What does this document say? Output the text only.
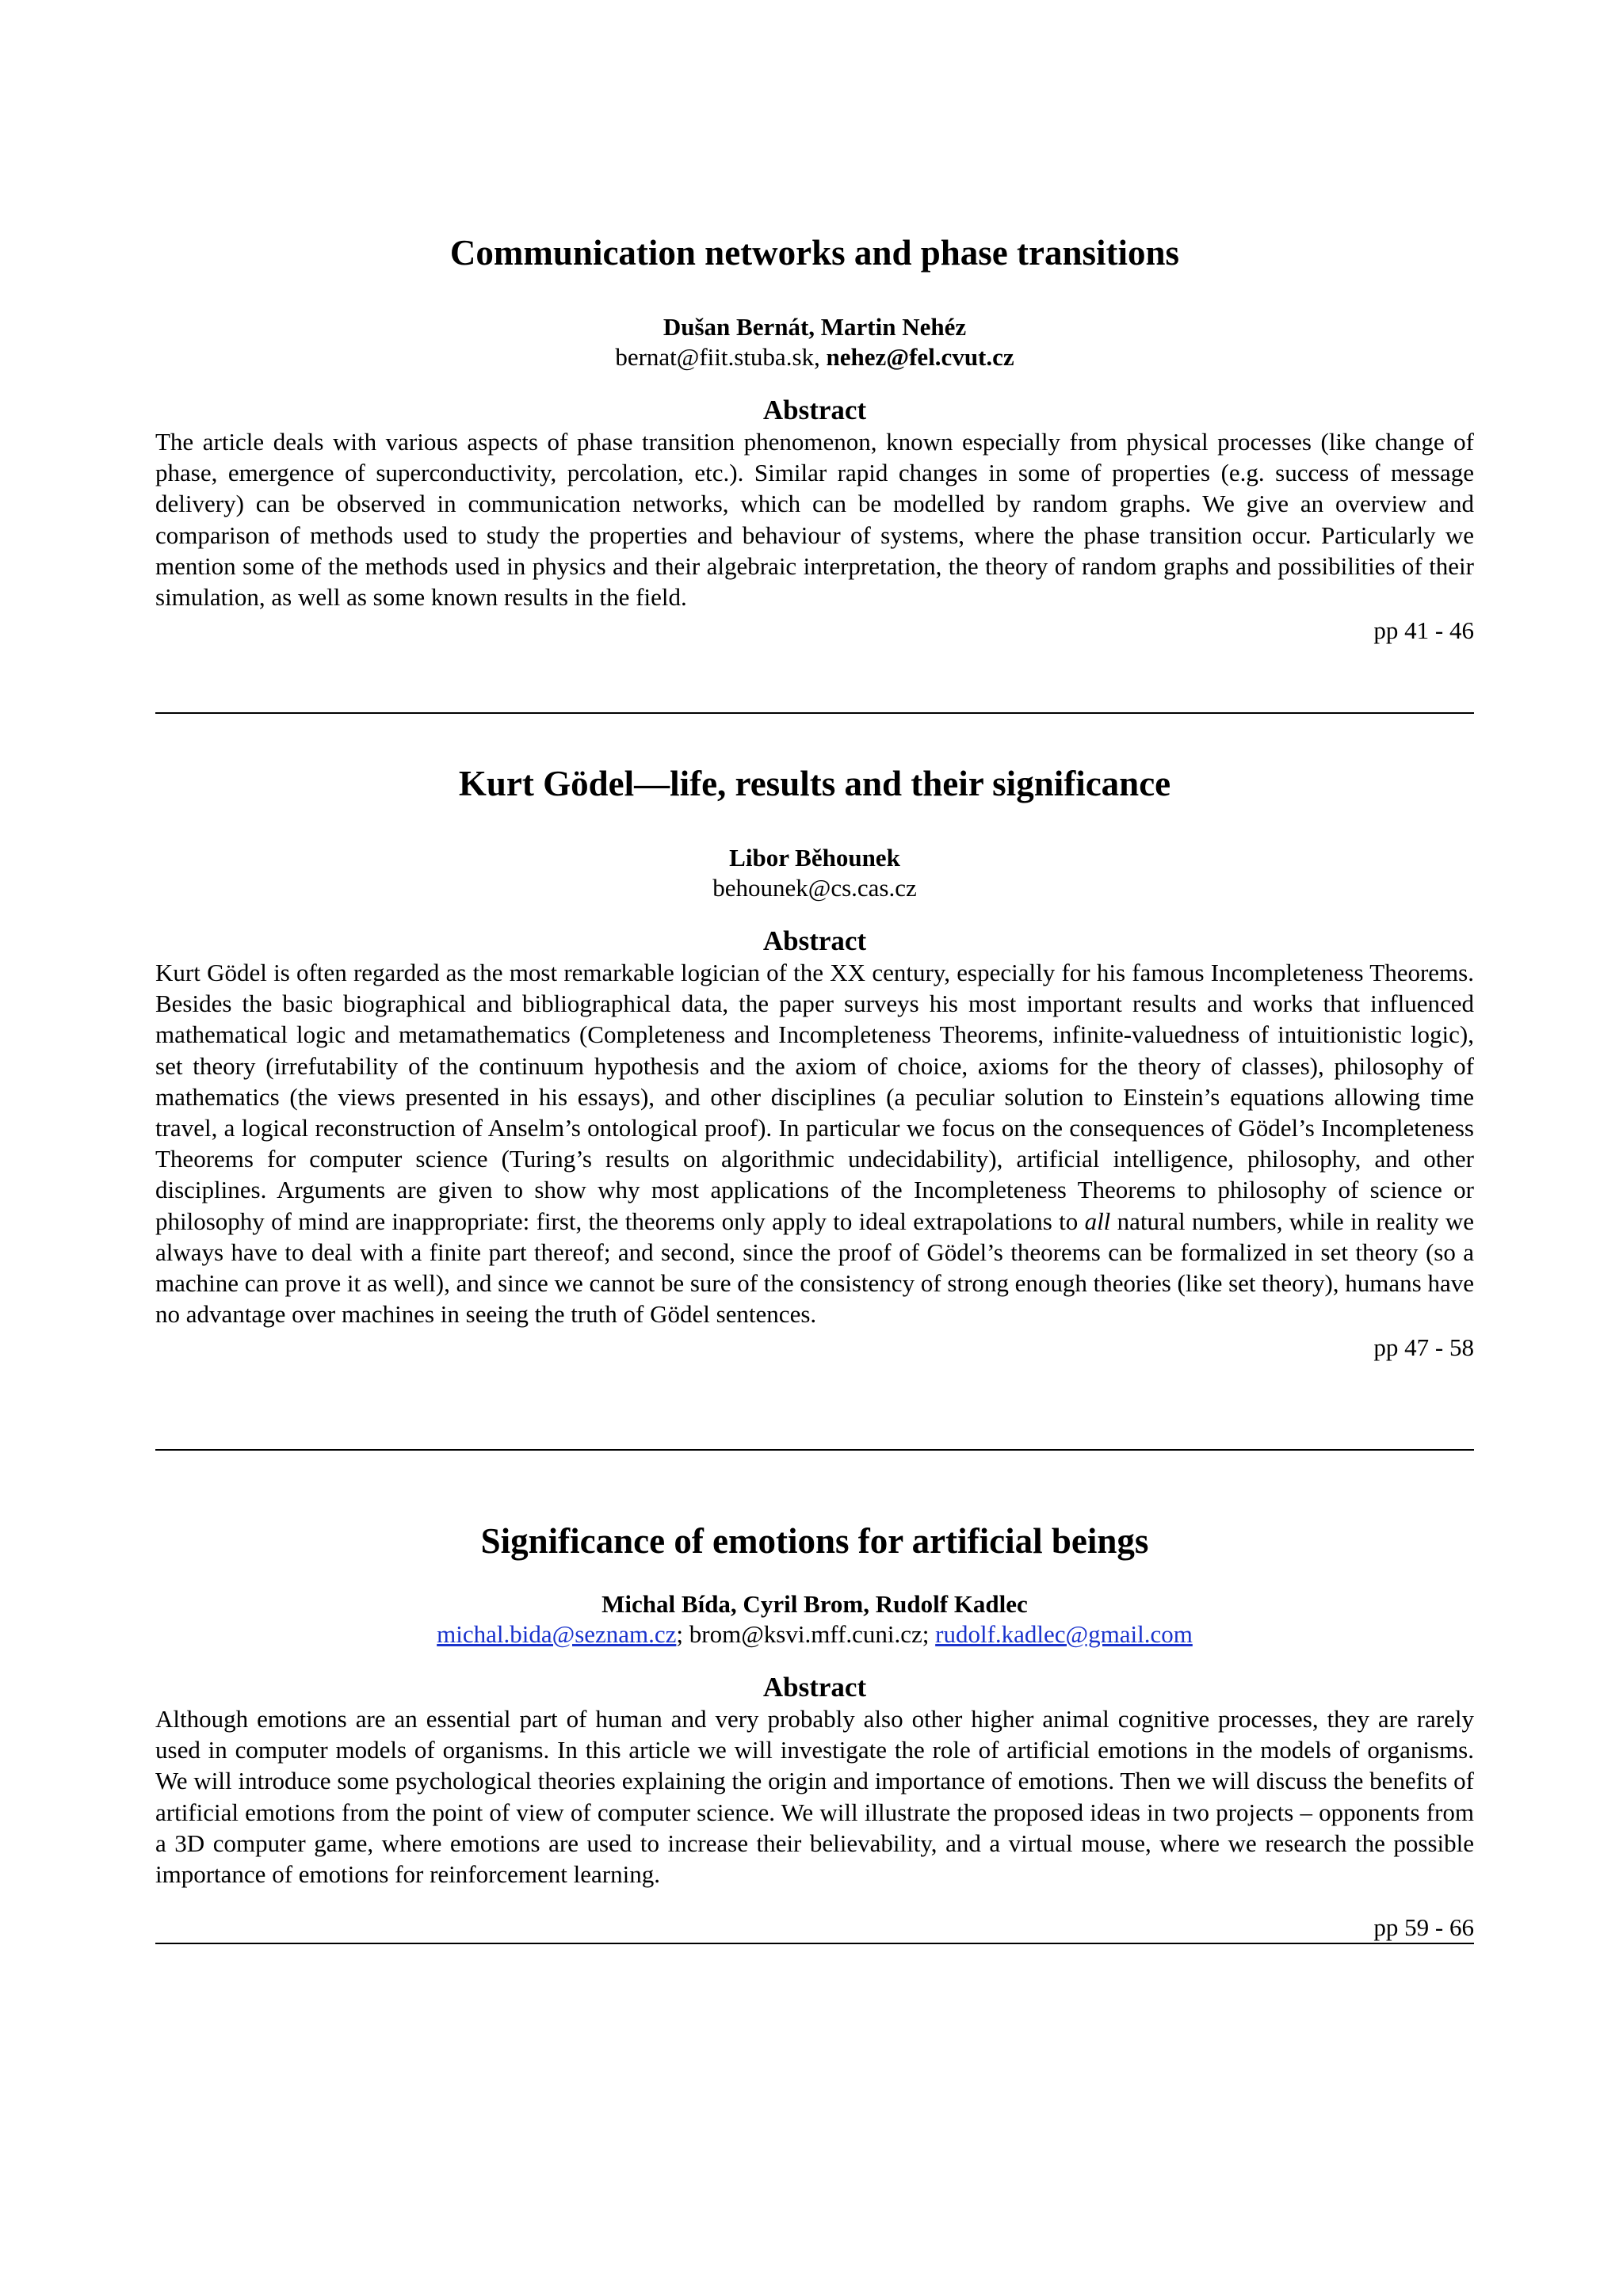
Communication networks and phase transitions

Dušan Bernát, Martin Nehéz

bernat@fiit.stuba.sk, nehez@fel.cvut.cz

Abstract

The article deals with various aspects of phase transition phenomenon, known especially from physical processes (like change of phase, emergence of superconductivity, percolation, etc.). Similar rapid changes in some of properties (e.g. success of message delivery) can be observed in communication networks, which can be modelled by random graphs. We give an overview and comparison of methods used to study the properties and behaviour of systems, where the phase transition occur. Particularly we mention some of the methods used in physics and their algebraic interpretation, the theory of random graphs and possibilities of their simulation, as well as some known results in the field.

pp 41 - 46

Kurt Gödel—life, results and their significance

Libor Běhounek

behounek@cs.cas.cz

Abstract

Kurt Gödel is often regarded as the most remarkable logician of the XX century, especially for his famous Incompleteness Theorems. Besides the basic biographical and bibliographical data, the paper surveys his most important results and works that influenced mathematical logic and metamathematics (Completeness and Incompleteness Theorems, infinite-valuedness of intuitionistic logic), set theory (irrefutability of the continuum hypothesis and the axiom of choice, axioms for the theory of classes), philosophy of mathematics (the views presented in his essays), and other disciplines (a peculiar solution to Einstein’s equations allowing time travel, a logical reconstruction of Anselm’s ontological proof). In particular we focus on the consequences of Gödel’s Incompleteness Theorems for computer science (Turing’s results on algorithmic undecidability), artificial intelligence, philosophy, and other disciplines. Arguments are given to show why most applications of the Incompleteness Theorems to philosophy of science or philosophy of mind are inappropriate: first, the theorems only apply to ideal extrapolations to all natural numbers, while in reality we always have to deal with a finite part thereof; and second, since the proof of Gödel’s theorems can be formalized in set theory (so a machine can prove it as well), and since we cannot be sure of the consistency of strong enough theories (like set theory), humans have no advantage over machines in seeing the truth of Gödel sentences.

pp 47 - 58

Significance of emotions for artificial beings

Michal Bída, Cyril Brom, Rudolf Kadlec

michal.bida@seznam.cz; brom@ksvi.mff.cuni.cz; rudolf.kadlec@gmail.com

Abstract

Although emotions are an essential part of human and very probably also other higher animal cognitive processes, they are rarely used in computer models of organisms. In this article we will investigate the role of artificial emotions in the models of organisms. We will introduce some psychological theories explaining the origin and importance of emotions. Then we will discuss the benefits of artificial emotions from the point of view of computer science. We will illustrate the proposed ideas in two projects – opponents from a 3D computer game, where emotions are used to increase their believability, and a virtual mouse, where we research the possible importance of emotions for reinforcement learning.

pp 59 - 66
